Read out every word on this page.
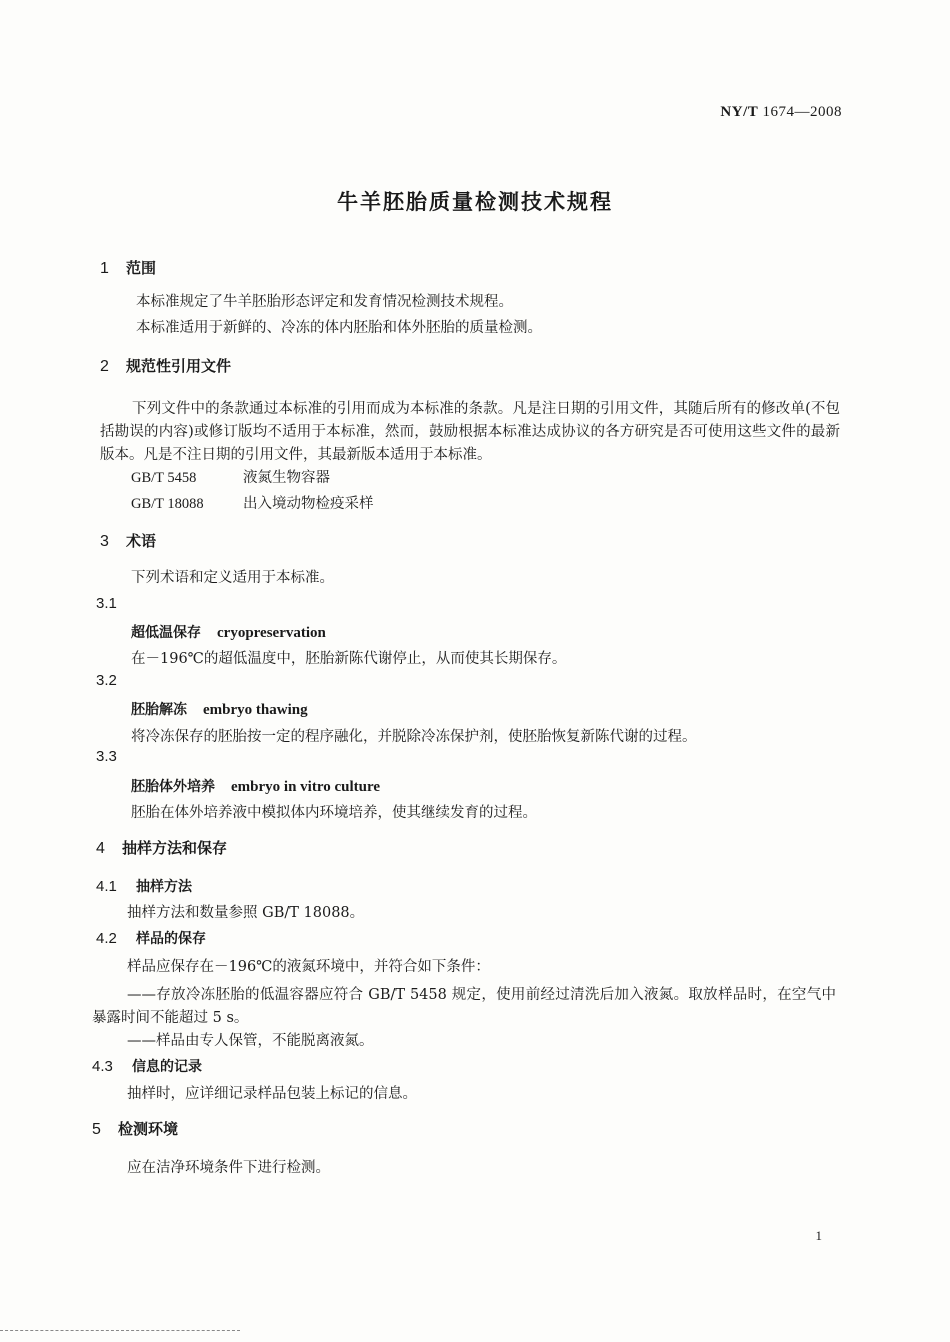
NY/T 1674—2008
牛羊胚胎质量检测技术规程
1 范围
本标准规定了牛羊胚胎形态评定和发育情况检测技术规程。
本标准适用于新鲜的、冷冻的体内胚胎和体外胚胎的质量检测。
2 规范性引用文件
下列文件中的条款通过本标准的引用而成为本标准的条款。凡是注日期的引用文件，其随后所有的修改单(不包括勘误的内容)或修订版均不适用于本标准，然而，鼓励根据本标准达成协议的各方研究是否可使用这些文件的最新版本。凡是不注日期的引用文件，其最新版本适用于本标准。
GB/T 5458	液氮生物容器
GB/T 18088	出入境动物检疫采样
3 术语
下列术语和定义适用于本标准。
3.1
超低温保存 cryopreservation
在－196℃的超低温度中，胚胎新陈代谢停止，从而使其长期保存。
3.2
胚胎解冻 embryo thawing
将冷冻保存的胚胎按一定的程序融化，并脱除冷冻保护剂，使胚胎恢复新陈代谢的过程。
3.3
胚胎体外培养 embryo in vitro culture
胚胎在体外培养液中模拟体内环境培养，使其继续发育的过程。
4 抽样方法和保存
4.1 抽样方法
抽样方法和数量参照 GB/T 18088。
4.2 样品的保存
样品应保存在－196℃的液氮环境中，并符合如下条件：
——存放冷冻胚胎的低温容器应符合 GB/T 5458 规定，使用前经过清洗后加入液氮。取放样品时，在空气中暴露时间不能超过 5 s。
——样品由专人保管，不能脱离液氮。
4.3 信息的记录
抽样时，应详细记录样品包装上标记的信息。
5 检测环境
应在洁净环境条件下进行检测。
1
